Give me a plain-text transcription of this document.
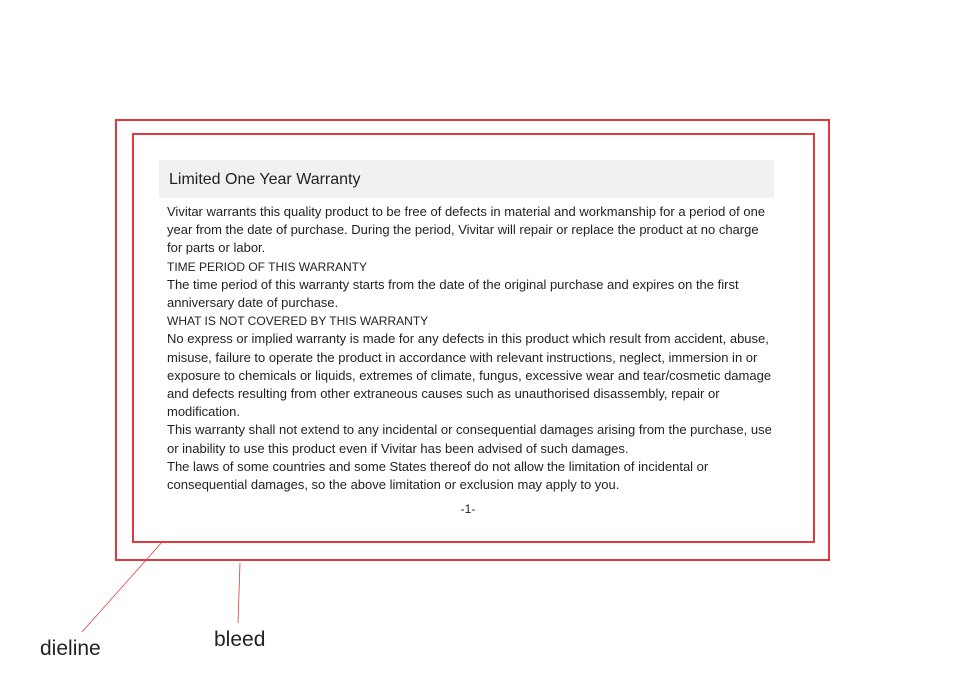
Limited One Year Warranty

Vivitar warrants this quality product to be free of defects in material and workmanship for a period of one year from the date of purchase. During the period, Vivitar will repair or replace the product at no charge for parts or labor.

TIME PERIOD OF THIS WARRANTY

The time period of this warranty starts from the date of the original purchase and expires on the first anniversary date of purchase.

WHAT IS NOT COVERED BY THIS WARRANTY

No express or implied warranty is made for any defects in this product which result from accident, abuse, misuse, failure to operate the product in accordance with relevant instructions, neglect, immersion in or exposure to chemicals or liquids, extremes of climate, fungus, excessive wear and tear/cosmetic damage and defects resulting from other extraneous causes such as unauthorised disassembly, repair or modification.

This warranty shall not extend to any incidental or consequential damages arising from the purchase, use or inability to use this product even if Vivitar has been advised of such damages.

The laws of some countries and some States thereof do not allow the limitation of incidental or consequential damages, so the above limitation or exclusion may apply to you.

-1-
dieline	bleed
